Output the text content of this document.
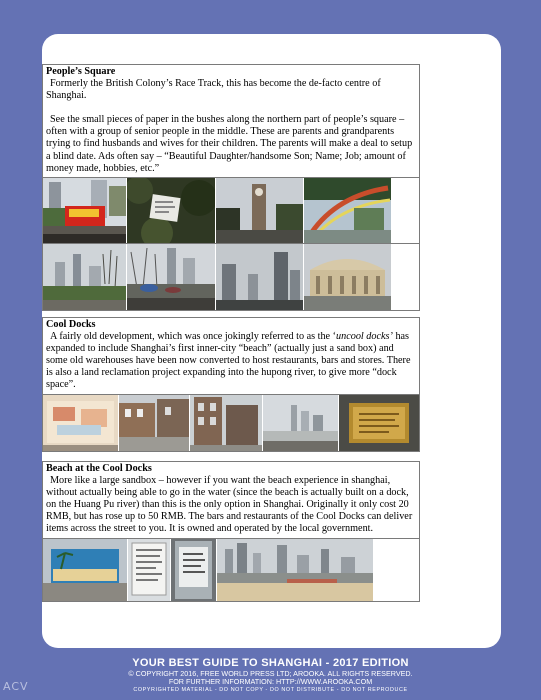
People’s Square

Formerly the British Colony’s Race Track, this has become the de-facto centre of Shanghai.

See the small pieces of paper in the bushes along the northern part of people’s square – often with a group of senior people in the middle. These are parents and grandparents trying to find husbands and wives for their children. The parents will make a deal to setup a blind date. Ads often say – “Beautiful Daughter/handsome Son; Name; Job; amount of money made, hobbies, etc.”

Cool Docks

A fairly old development, which was once jokingly referred to as the ‘uncool docks’ has expanded to include Shanghai’s first inner-city “beach” (actually just a sand box) and some old warehouses have been now converted to host restaurants, bars and stores. There is also a land reclamation project expanding into the hupong river, to give more “dock space”.

Beach at the Cool Docks

More like a large sandbox – however if you want the beach experience in shanghai, without actually being able to go in the water (since the beach is actually built on a dock, on the Huang Pu river) than this is the only option in Shanghai. Originally it only cost 20 RMB, but has rose up to 50 RMB. The bars and restaurants of the Cool Docks can deliver items across the street to you. It is owned and operated by the local government.

YOUR BEST GUIDE TO SHANGHAI - 2017 EDITION
© COPYRIGHT 2016, FREE WORLD PRESS LTD; AROOKA. ALL RIGHTS RESERVED.
FOR FURTHER INFORMATION: HTTP://WWW.AROOKA.COM
COPYRIGHTED MATERIAL - DO NOT COPY - DO NOT DISTRIBUTE - DO NOT REPRODUCE
ACV
